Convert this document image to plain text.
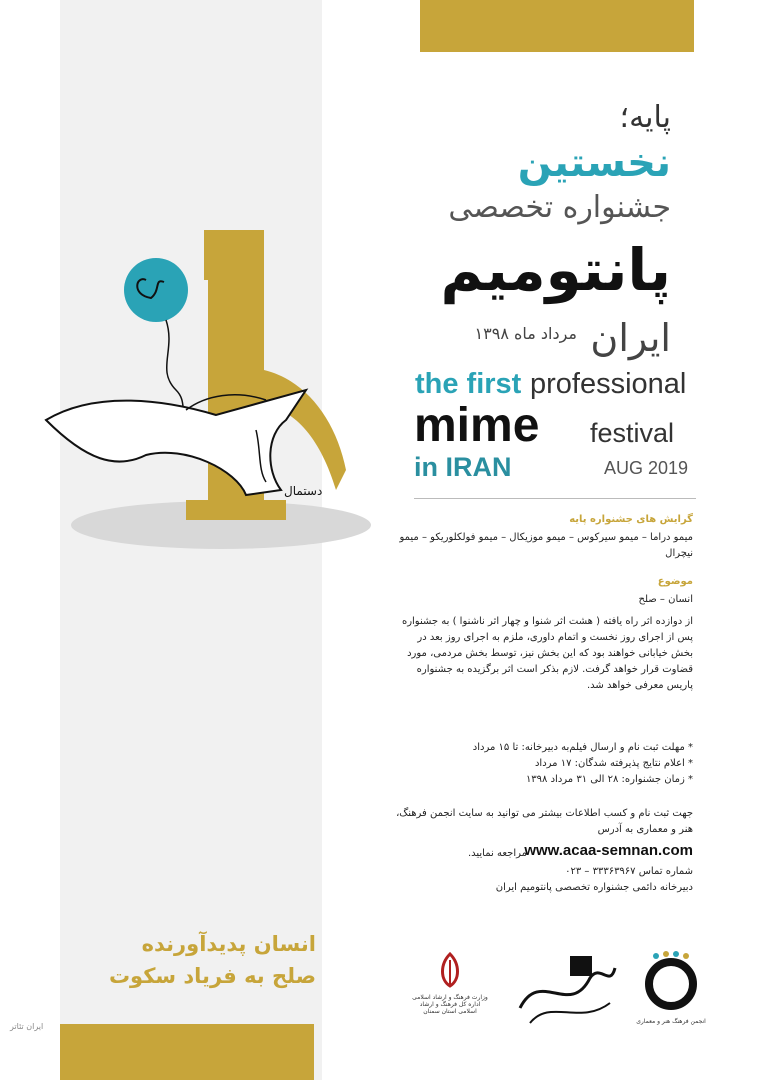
دستمال
پایه؛
نخستین
جشنواره تخصصی
پانتومیم
ایران
مرداد ماه ۱۳۹۸
the first professional
mime festival
in IRAN	AUG 2019
گرایش های جشنواره پایه
میمو دراما – میمو سیرکوس – میمو موزیکال – میمو فولکلوریکو – میمو نیچرال
موضوع
انسان – صلح
از دوازده اثر راه یافته ( هشت اثر شنوا و چهار اثر ناشنوا ) به جشنواره پس از اجرای روز نخست و اتمام داوری، ملزم به اجرای روز بعد در بخش خیابانی خواهند بود که این بخش نیز، توسط بخش مردمی، مورد قضاوت قرار خواهد گرفت. لازم بذکر است اثر برگزیده به جشنواره پاریس معرفی خواهد شد.
* مهلت ثبت نام و ارسال فیلم‌به دبیرخانه: تا ۱۵ مرداد
* اعلام نتایج پذیرفته شدگان: ۱۷ مرداد
* زمان جشنواره: ۲۸ الی ۳۱ مرداد ۱۳۹۸
جهت ثبت نام و کسب اطلاعات بیشتر می توانید به سایت انجمن فرهنگ، هنر و معماری به آدرس
www.acaa-semnan.com
مراجعه نمایید.
شماره تماس ۳۳۳۶۳۹۶۷ – ۰۲۳
دبیرخانه دائمی جشنواره تخصصی پانتومیم ایران
انسان پدیدآورنده
صلح به فریاد سکوت
وزارت فرهنگ و ارشاد اسلامی اداره کل فرهنگ و ارشاد اسلامی استان سمنان
انجمن فرهنگ هنر و معماری
ایران تئاتر
